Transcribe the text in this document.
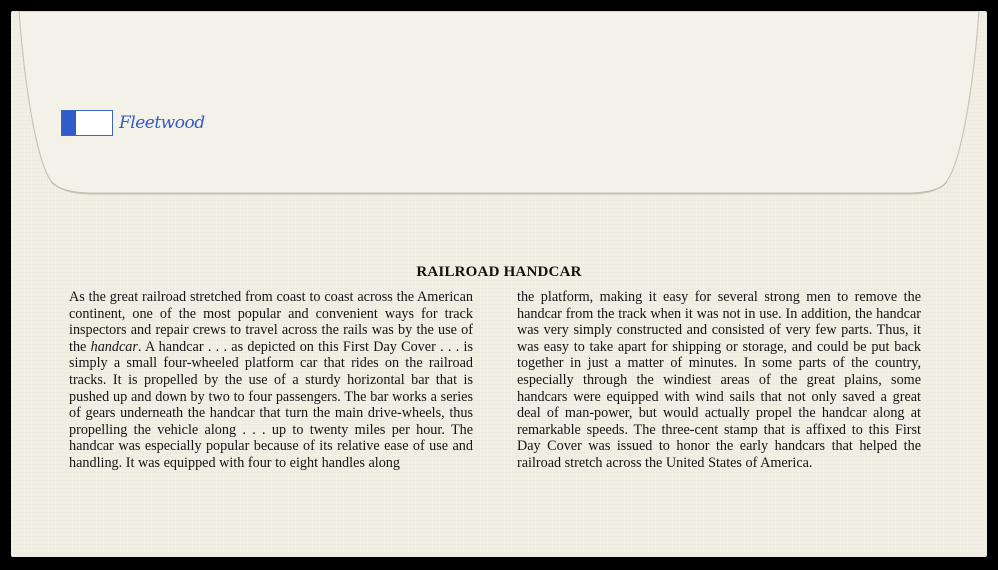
Fleetwood
RAILROAD HANDCAR

As the great railroad stretched from coast to coast across the American continent, one of the most popular and convenient ways for track inspectors and repair crews to travel across the rails was by the use of the handcar. A handcar . . . as depicted on this First Day Cover . . . is simply a small four-wheeled platform car that rides on the railroad tracks. It is propelled by the use of a sturdy horizontal bar that is pushed up and down by two to four passengers. The bar works a series of gears underneath the handcar that turn the main drive-wheels, thus propelling the vehicle along . . . up to twenty miles per hour. The handcar was especially popular because of its relative ease of use and handling. It was equipped with four to eight handles along

the platform, making it easy for several strong men to remove the handcar from the track when it was not in use. In addition, the handcar was very simply constructed and consisted of very few parts. Thus, it was easy to take apart for shipping or storage, and could be put back together in just a matter of minutes. In some parts of the country, especially through the windiest areas of the great plains, some handcars were equipped with wind sails that not only saved a great deal of man-power, but would actually propel the handcar along at remarkable speeds. The three-cent stamp that is affixed to this First Day Cover was issued to honor the early handcars that helped the railroad stretch across the United States of America.
